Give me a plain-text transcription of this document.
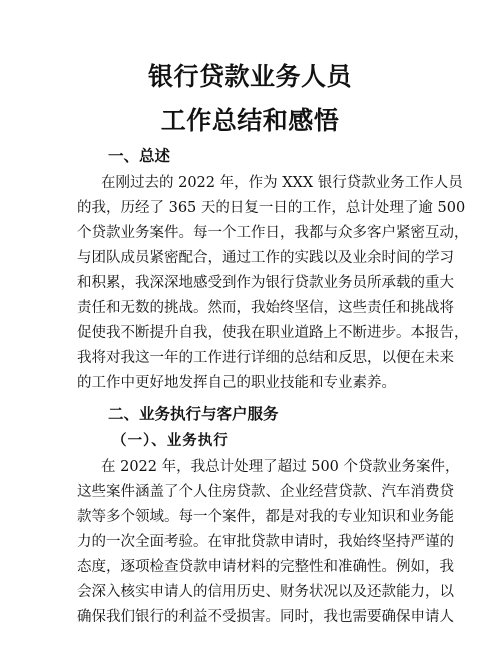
银行贷款业务人员
工作总结和感悟
一、总述
在刚过去的 2022 年，作为 XXX 银行贷款业务工作人员
的我，历经了 365 天的日复一日的工作，总计处理了逾 500
个贷款业务案件。每一个工作日，我都与众多客户紧密互动，
与团队成员紧密配合，通过工作的实践以及业余时间的学习
和积累，我深深地感受到作为银行贷款业务员所承载的重大
责任和无数的挑战。然而，我始终坚信，这些责任和挑战将
促使我不断提升自我，使我在职业道路上不断进步。本报告，
我将对我这一年的工作进行详细的总结和反思，以便在未来
的工作中更好地发挥自己的职业技能和专业素养。
二、业务执行与客户服务
（一）、业务执行
在 2022 年，我总计处理了超过 500 个贷款业务案件，
这些案件涵盖了个人住房贷款、企业经营贷款、汽车消费贷
款等多个领域。每一个案件，都是对我的专业知识和业务能
力的一次全面考验。在审批贷款申请时，我始终坚持严谨的
态度，逐项检查贷款申请材料的完整性和准确性。例如，我
会深入核实申请人的信用历史、财务状况以及还款能力，以
确保我们银行的利益不受损害。同时，我也需要确保申请人
